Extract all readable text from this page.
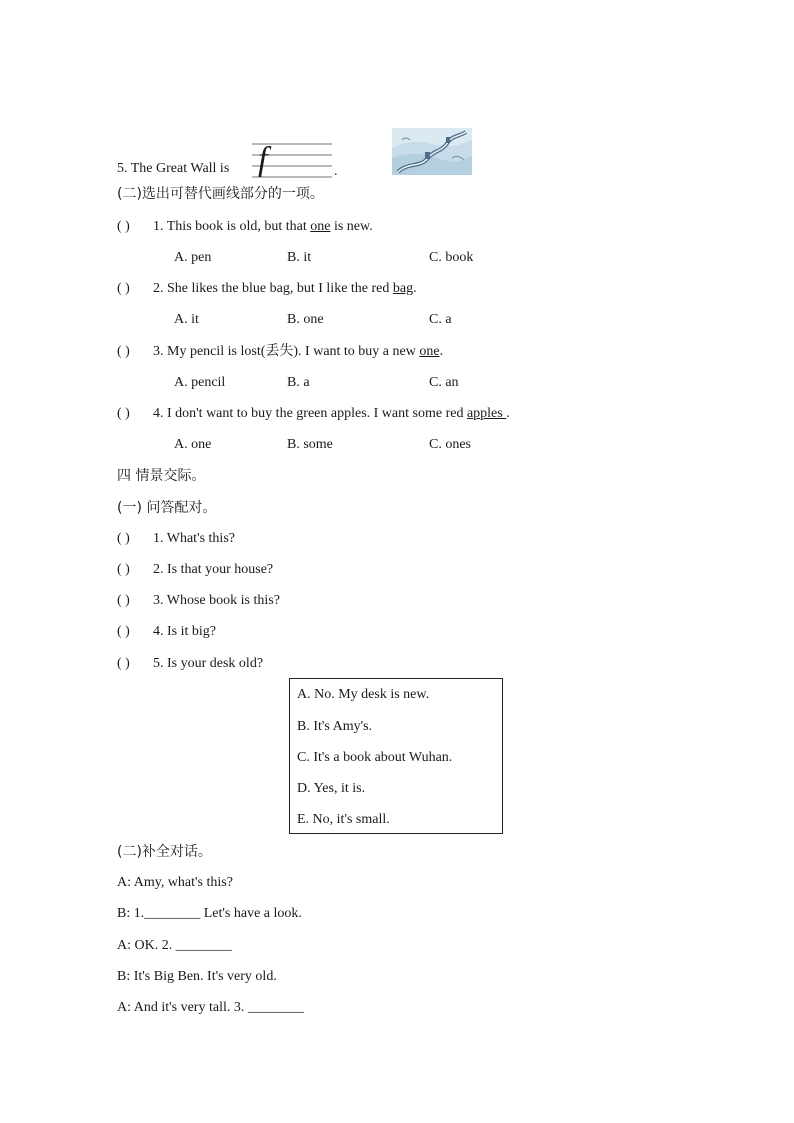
5. The Great Wall is f	.
(二)选出可替代画线部分的一项。
( ) 1. This book is old, but that one is new.
A. pen	B. it	C. book
( ) 2. She likes the blue bag, but I like the red bag.
A. it	B. one	C. a
( ) 3. My pencil is lost(丢失). I want to buy a new one.
A. pencil	B. a	C. an
( ) 4. I don't want to buy the green apples. I want some red apples .
A. one	B. some	C. ones
四 情景交际。
(一) 问答配对。
( ) 1. What's this?
( ) 2. Is that your house?
( ) 3. Whose book is this?
( ) 4. Is it big?
( ) 5. Is your desk old?
A. No. My desk is new.
B. It's Amy's.
C. It's a book about Wuhan.
D. Yes, it is.
E. No, it's small.
(二)补全对话。
A: Amy, what's this?
B: 1.________ Let's have a look.
A: OK. 2. ________
B: It's Big Ben. It's very old.
A: And it's very tall. 3. ________
